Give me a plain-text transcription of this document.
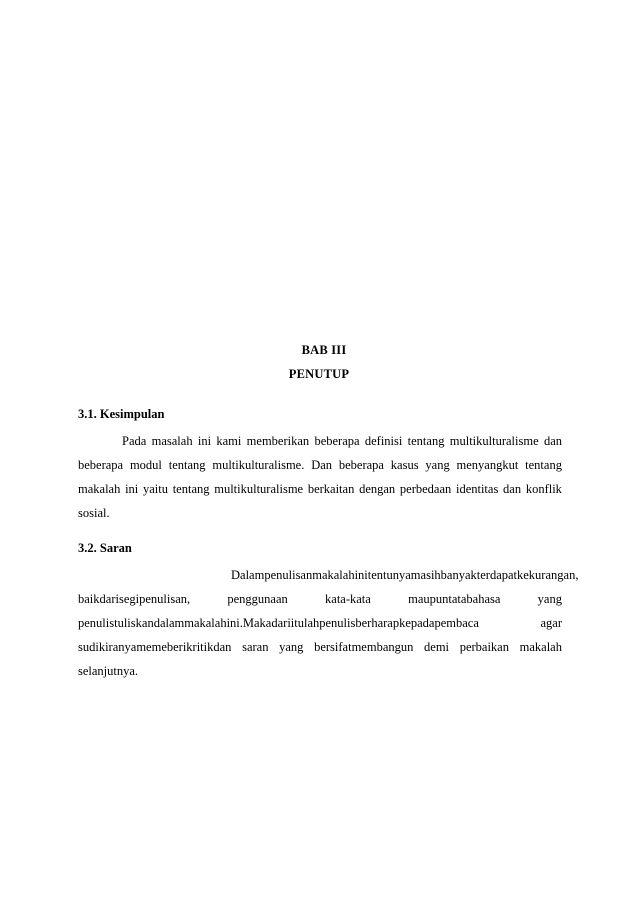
BAB III
PENUTUP
3.1. Kesimpulan
Pada masalah ini kami memberikan beberapa definisi tentang multikulturalisme dan
beberapa modul tentang multikulturalisme. Dan beberapa kasus yang menyangkut tentang
makalah ini yaitu tentang multikulturalisme berkaitan dengan perbedaan identitas dan konflik
sosial.
3.2. Saran
Dalampenulisanmakalahinitentunyamasihbanyakterdapatkekurangan,
baikdarisegipenulisan,	penggunaan	kata-kata	maupuntatabahasa	yang
penulistuliskandalammakalahini.Makadariitulahpenulisberharapkepadapembaca	agar
sudikiranyamemeberikritikdan saran yang bersifatmembangun demi perbaikan makalah
selanjutnya.
